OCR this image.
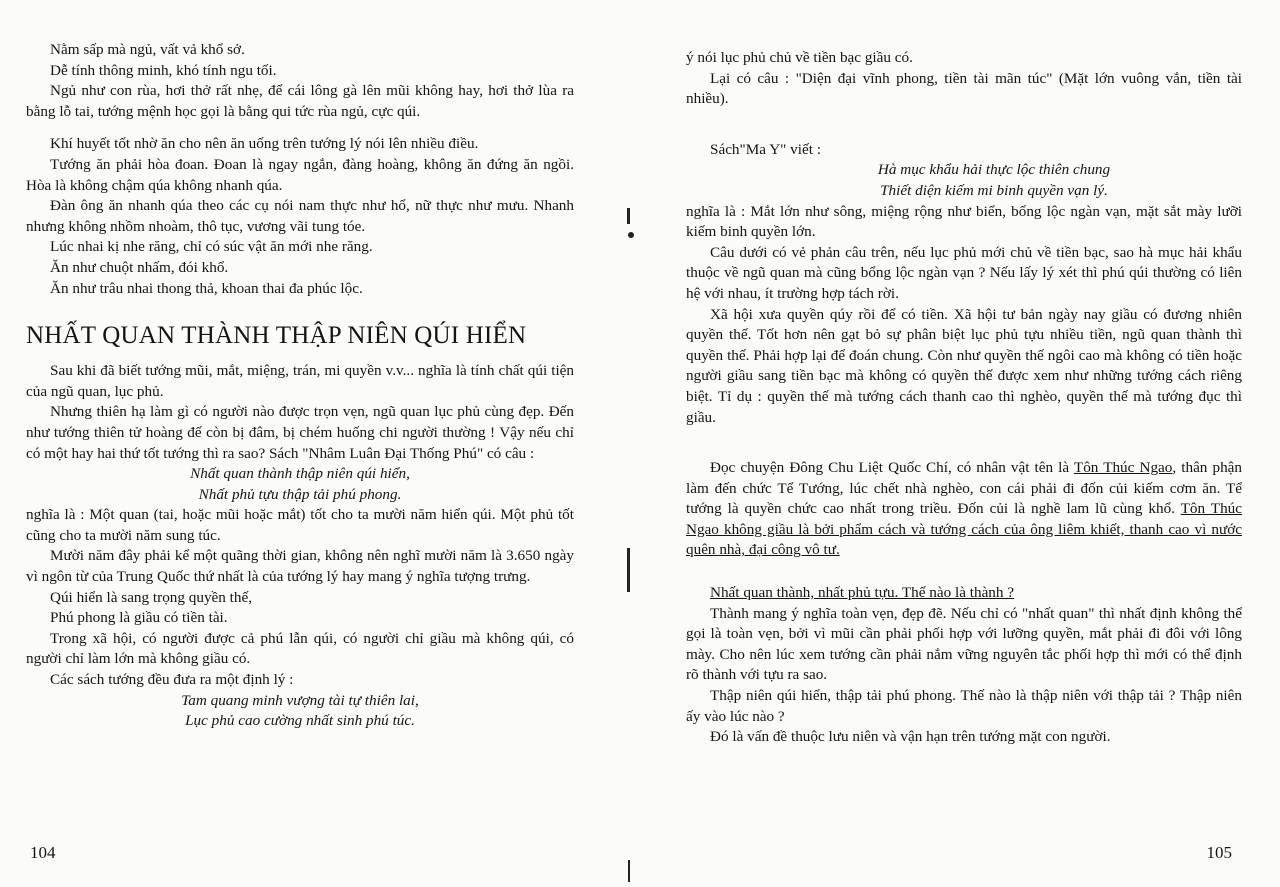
Nằm sấp mà ngủ, vất vả khổ sở.

Dễ tính thông minh, khó tính ngu tối.

Ngủ như con rùa, hơi thở rất nhẹ, để cái lông gà lên mũi không hay, hơi thở lùa ra bằng lỗ tai, tướng mệnh học gọi là bằng qui tức rùa ngủ, cực qúi.

Khí huyết tốt nhờ ăn cho nên ăn uống trên tướng lý nói lên nhiều điều.

Tướng ăn phải hòa đoan. Đoan là ngay ngắn, đàng hoàng, không ăn đứng ăn ngồi. Hòa là không chậm qúa không nhanh qúa.

Đàn ông ăn nhanh qúa theo các cụ nói nam thực như hổ, nữ thực như mưu. Nhanh nhưng không nhồm nhoàm, thô tục, vương vãi tung tóe.

Lúc nhai kị nhe răng, chỉ có súc vật ăn mới nhe răng.

Ăn như chuột nhấm, đói khổ.

Ăn như trâu nhai thong thả, khoan thai đa phúc lộc.

NHẤT QUAN THÀNH THẬP NIÊN QÚI HIỂN

Sau khi đã biết tướng mũi, mắt, miệng, trán, mi quyền v.v... nghĩa là tính chất qúi tiện của ngũ quan, lục phủ.

Nhưng thiên hạ làm gì có người nào được trọn vẹn, ngũ quan lục phủ cùng đẹp. Đến như tướng thiên tử hoàng đế còn bị đâm, bị chém huống chi người thường ! Vậy nếu chỉ có một hay hai thứ tốt tướng thì ra sao? Sách "Nhâm Luân Đại Thống Phú" có câu :

Nhất quan thành thập niên qúi hiển,

Nhất phủ tựu thập tải phú phong.

nghĩa là : Một quan (tai, hoặc mũi hoặc mắt) tốt cho ta mười năm hiển qúi. Một phủ tốt cũng cho ta mười năm sung túc.

Mười năm đây phải kể một quãng thời gian, không nên nghĩ mười năm là 3.650 ngày vì ngôn từ của Trung Quốc thứ nhất là của tướng lý hay mang ý nghĩa tượng trưng.

Qúi hiển là sang trọng quyền thế,

Phú phong là giầu có tiền tài.

Trong xã hội, có người được cả phú lẫn qúi, có người chỉ giầu mà không qúi, có người chỉ làm lớn mà không giầu có.

Các sách tướng đều đưa ra một định lý :

Tam quang minh vượng tài tự thiên lai,

Lục phủ cao cường nhất sinh phú túc.

104

ý nói lục phủ chủ về tiền bạc giầu có.

Lại có câu : "Diện đại vĩnh phong, tiền tài mãn túc" (Mặt lớn vuông vắn, tiền tài nhiều).

Sách"Ma Y" viết :

Hà mục khẩu hải thực lộc thiên chung

Thiết diện kiếm mi binh quyền vạn lý.

nghĩa là : Mắt lớn như sông, miệng rộng như biển, bổng lộc ngàn vạn, mặt sắt mày lưỡi kiếm binh quyền lớn.

Câu dưới có vẻ phản câu trên, nếu lục phủ mới chủ về tiền bạc, sao hà mục hải khẩu thuộc về ngũ quan mà cũng bổng lộc ngàn vạn ? Nếu lấy lý xét thì phú qúi thường có liên hệ với nhau, ít trường hợp tách rời.

Xã hội xưa quyền qúy rồi để có tiền. Xã hội tư bản ngày nay giầu có đương nhiên quyền thế. Tốt hơn nên gạt bỏ sự phân biệt lục phủ tựu nhiều tiền, ngũ quan thành thì quyền thế. Phải hợp lại để đoán chung. Còn như quyền thế ngôi cao mà không có tiền hoặc người giầu sang tiền bạc mà không có quyền thế được xem như những tướng cách riêng biệt. Tỉ dụ : quyền thế mà tướng cách thanh cao thì nghèo, quyền thế mà tướng đục thì giầu.

Đọc chuyện Đông Chu Liệt Quốc Chí, có nhân vật tên là Tôn Thúc Ngao, thân phận làm đến chức Tể Tướng, lúc chết nhà nghèo, con cái phải đi đốn củi kiếm cơm ăn. Tể tướng là quyền chức cao nhất trong triều. Đốn củi là nghề lam lũ cùng khổ. Tôn Thúc Ngao không giầu là bởi phẩm cách và tướng cách của ông liêm khiết, thanh cao vì nước quên nhà, đại công vô tư.

Nhất quan thành, nhất phủ tựu. Thế nào là thành ?

Thành mang ý nghĩa toàn vẹn, đẹp đẽ. Nếu chỉ có "nhất quan" thì nhất định không thể gọi là toàn vẹn, bởi vì mũi cần phải phối hợp với lưỡng quyền, mắt phải đi đôi với lông mày. Cho nên lúc xem tướng cần phải nắm vững nguyên tắc phối hợp thì mới có thể định rõ thành với tựu ra sao.

Thập niên qúi hiển, thập tải phú phong. Thế nào là thập niên với thập tải ? Thập niên ấy vào lúc nào ?

Đó là vấn đề thuộc lưu niên và vận hạn trên tướng mặt con người.

105
